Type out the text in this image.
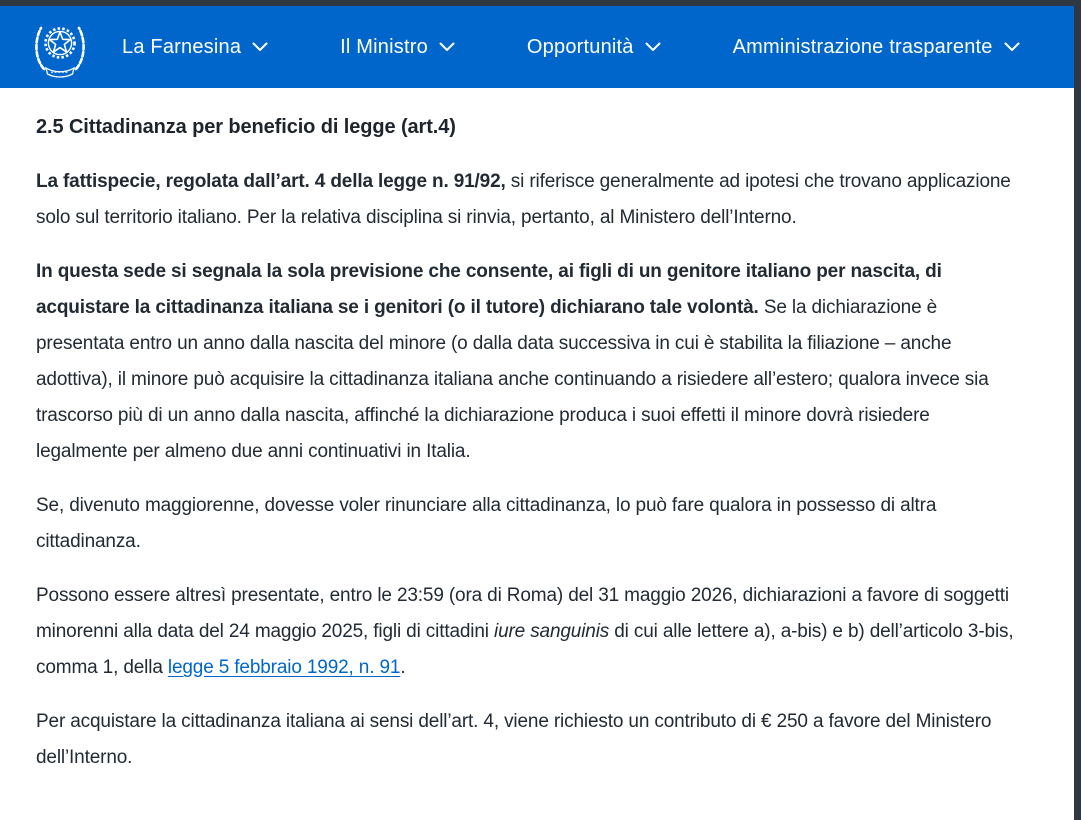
La Farnesina	Il Ministro	Opportunità	Amministrazione trasparente
2.5 Cittadinanza per beneficio di legge (art.4)

La fattispecie, regolata dall’art. 4 della legge n. 91/92, si riferisce generalmente ad ipotesi che trovano applicazione solo sul territorio italiano. Per la relativa disciplina si rinvia, pertanto, al Ministero dell’Interno.

In questa sede si segnala la sola previsione che consente, ai figli di un genitore italiano per nascita, di acquistare la cittadinanza italiana se i genitori (o il tutore) dichiarano tale volontà. Se la dichiarazione è presentata entro un anno dalla nascita del minore (o dalla data successiva in cui è stabilita la filiazione – anche adottiva), il minore può acquisire la cittadinanza italiana anche continuando a risiedere all’estero; qualora invece sia trascorso più di un anno dalla nascita, affinché la dichiarazione produca i suoi effetti il minore dovrà risiedere legalmente per almeno due anni continuativi in Italia.

Se, divenuto maggiorenne, dovesse voler rinunciare alla cittadinanza, lo può fare qualora in possesso di altra cittadinanza.

Possono essere altresì presentate, entro le 23:59 (ora di Roma) del 31 maggio 2026, dichiarazioni a favore di soggetti minorenni alla data del 24 maggio 2025, figli di cittadini iure sanguinis di cui alle lettere a), a-bis) e b) dell’articolo 3-bis, comma 1, della legge 5 febbraio 1992, n. 91.

Per acquistare la cittadinanza italiana ai sensi dell’art. 4, viene richiesto un contributo di € 250 a favore del Ministero dell’Interno.
